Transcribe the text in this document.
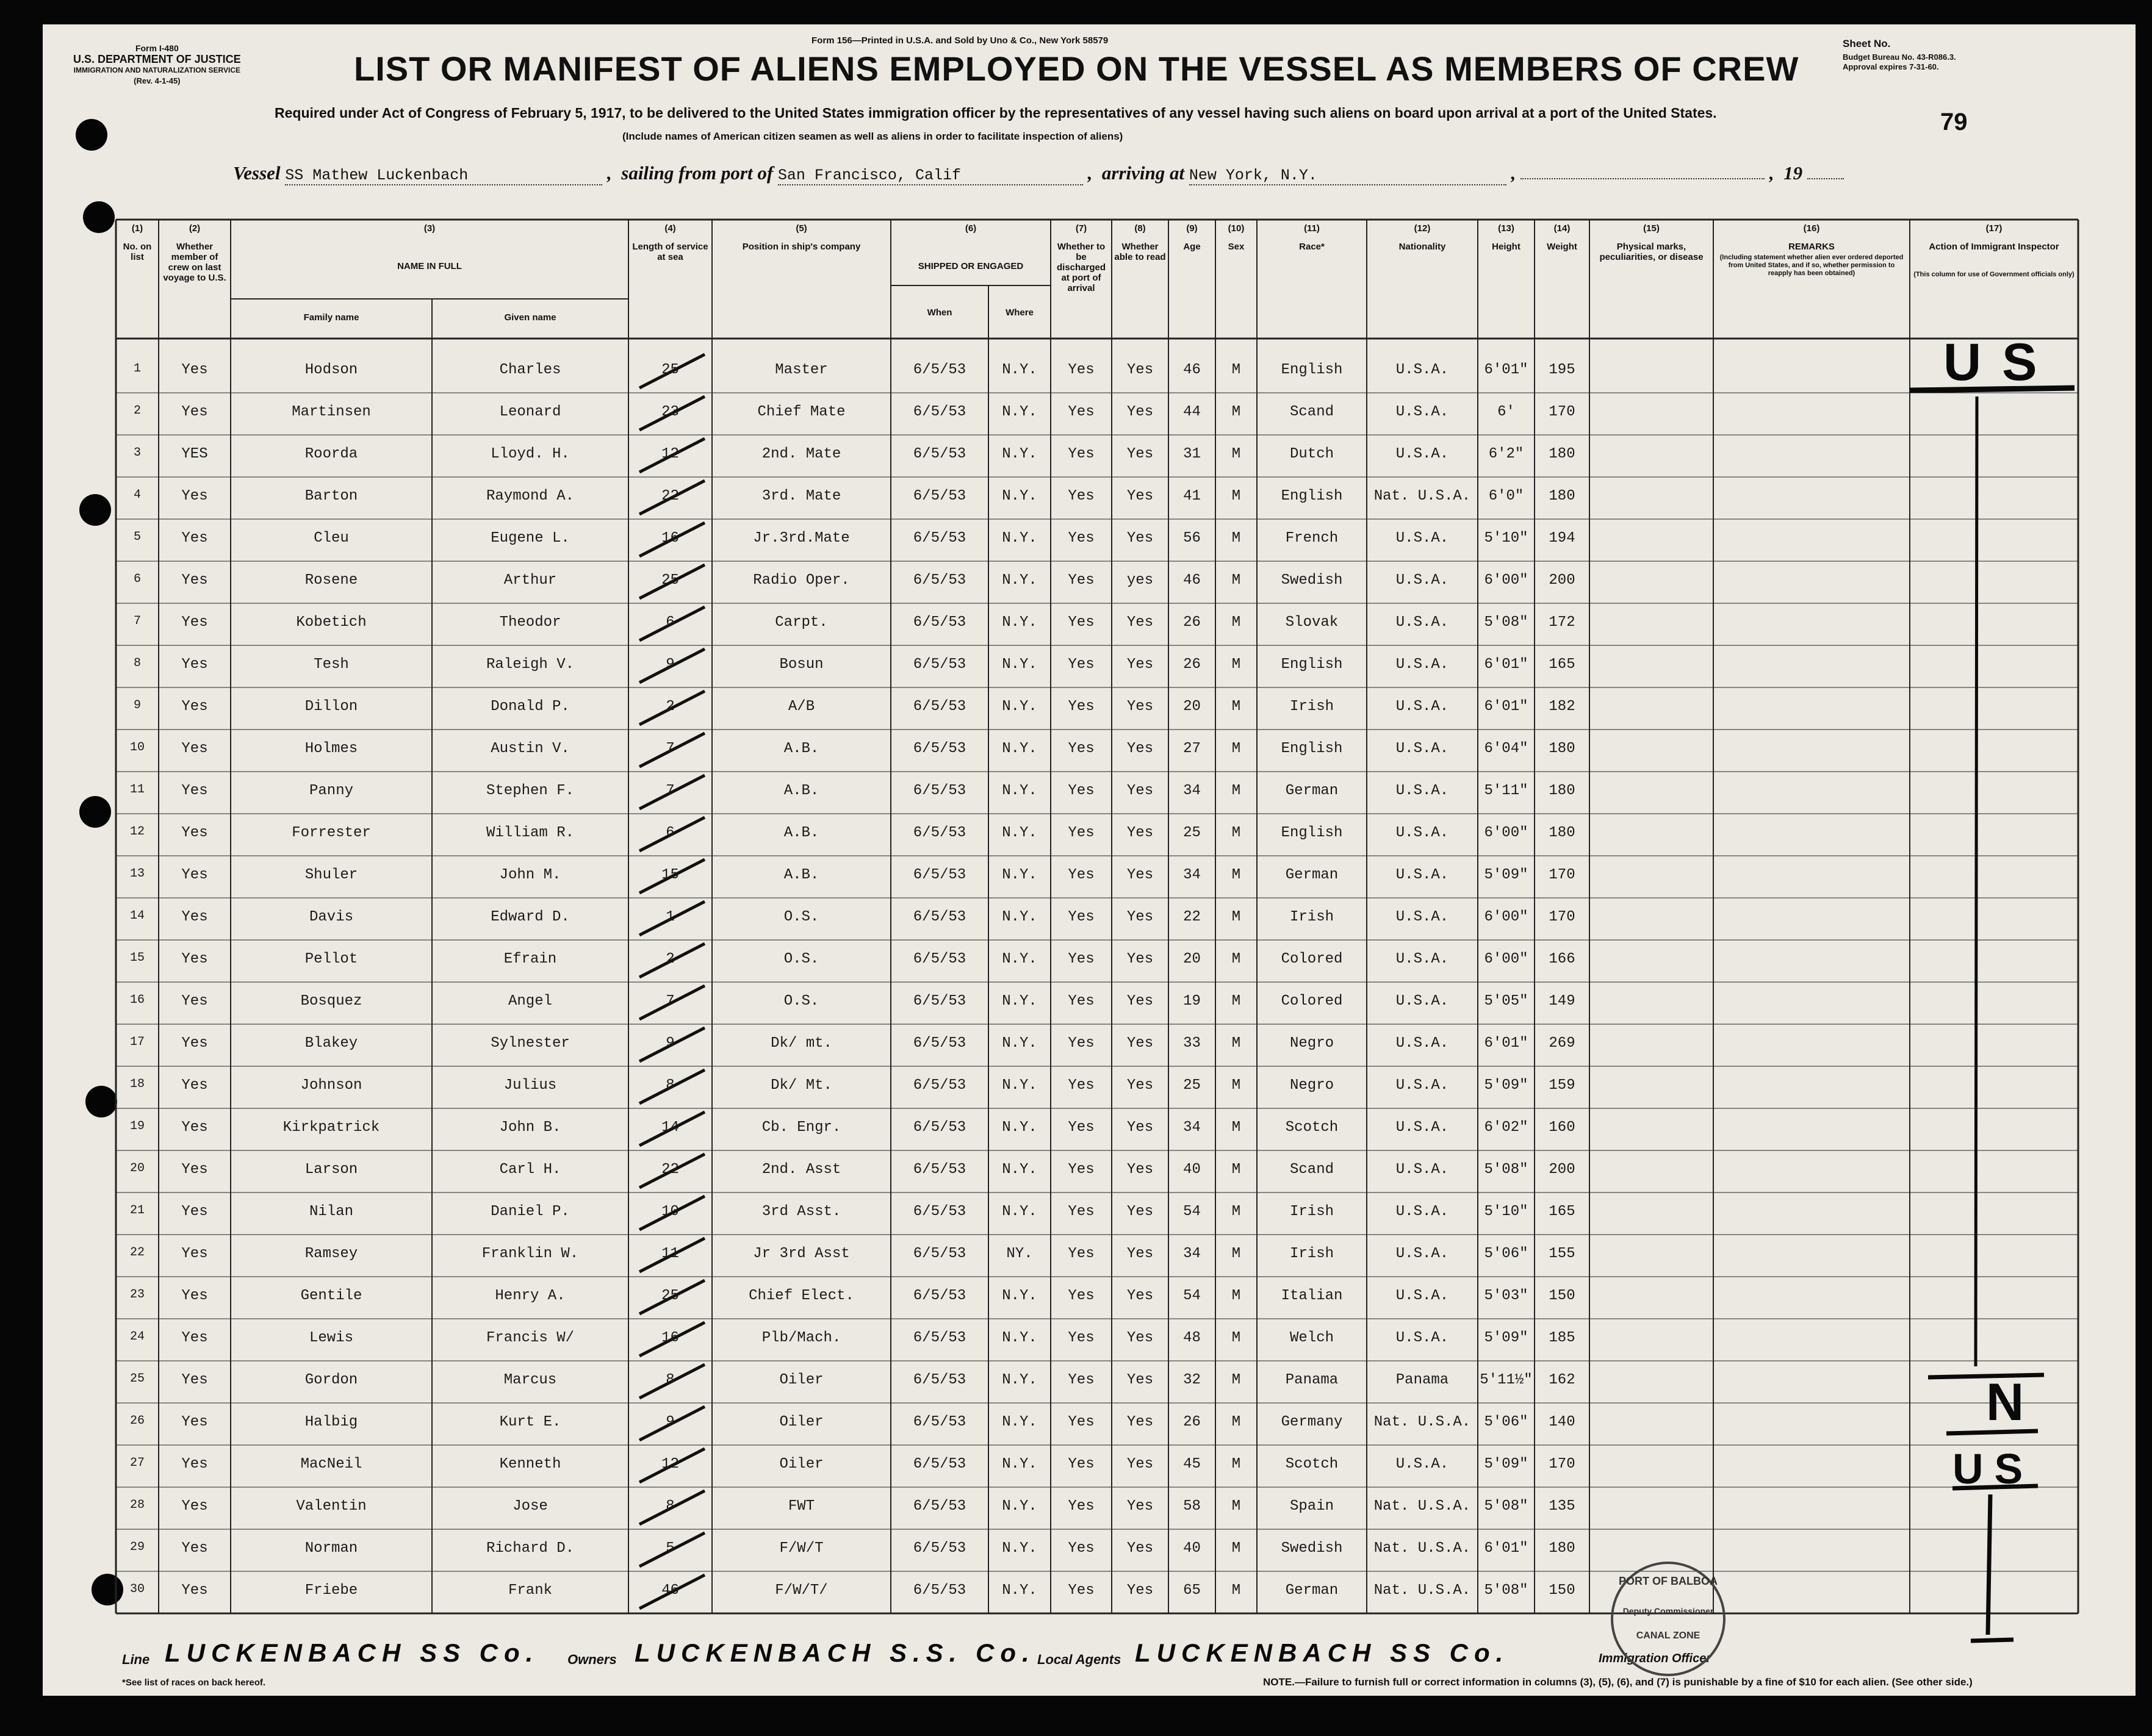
Form I-480
U.S. DEPARTMENT OF JUSTICE
IMMIGRATION AND NATURALIZATION SERVICE
(Rev. 4-1-45)
Form 156—Printed in U.S.A. and Sold by Uno & Co., New York 58579
LIST OR MANIFEST OF ALIENS EMPLOYED ON THE VESSEL AS MEMBERS OF CREW
Sheet No.
Budget Bureau No. 43-R086.3.
Approval expires 7-31-60.
79
Required under Act of Congress of February 5, 1917, to be delivered to the United States immigration officer by the representatives of any vessel having such aliens on board upon arrival at a port of the United States.
(Include names of American citizen seamen as well as aliens in order to facilitate inspection of aliens)
Vessel SS Mathew Luckenbach	,  sailing from port of San Francisco, Calif	,  arriving at New York, N.Y.	,	,  19
(1)
No. on list
(2)
Whether member of crew on last voyage to U.S.
(3)
NAME IN FULL
(4)
Length of service at sea
(5)
Position in ship's company
(6)
SHIPPED OR ENGAGED
(7)
Whether to be discharged at port of arrival
(8)
Whether able to read
(9)
Age
(10)
Sex
(11)
Race*
(12)
Nationality
(13)
Height
(14)
Weight
(15)
Physical marks, peculiarities, or disease
(16)
REMARKS
(17)
Action of Immigrant Inspector
Family name	Given name	When	Where
(Including statement whether alien ever ordered deported from United States, and if so, whether permission to reapply has been obtained)	(This column for use of Government officials only)
1	Yes	Hodson	Charles	25	Master	6/5/53	N.Y.	Yes	Yes	46	M	English	U.S.A.	6'01"	195
2	Yes	Martinsen	Leonard	23	Chief Mate	6/5/53	N.Y.	Yes	Yes	44	M	Scand	U.S.A.	6'	170
3	YES	Roorda	Lloyd. H.	12	2nd. Mate	6/5/53	N.Y.	Yes	Yes	31	M	Dutch	U.S.A.	6'2"	180
4	Yes	Barton	Raymond A.	22	3rd. Mate	6/5/53	N.Y.	Yes	Yes	41	M	English	Nat. U.S.A.	6'0"	180
5	Yes	Cleu	Eugene L.	16	Jr.3rd.Mate	6/5/53	N.Y.	Yes	Yes	56	M	French	U.S.A.	5'10"	194
6	Yes	Rosene	Arthur	25	Radio Oper.	6/5/53	N.Y.	Yes	yes	46	M	Swedish	U.S.A.	6'00"	200
7	Yes	Kobetich	Theodor	6	Carpt.	6/5/53	N.Y.	Yes	Yes	26	M	Slovak	U.S.A.	5'08"	172
8	Yes	Tesh	Raleigh V.	9	Bosun	6/5/53	N.Y.	Yes	Yes	26	M	English	U.S.A.	6'01"	165
9	Yes	Dillon	Donald P.	2	A/B	6/5/53	N.Y.	Yes	Yes	20	M	Irish	U.S.A.	6'01"	182
10	Yes	Holmes	Austin V.	7	A.B.	6/5/53	N.Y.	Yes	Yes	27	M	English	U.S.A.	6'04"	180
11	Yes	Panny	Stephen F.	7	A.B.	6/5/53	N.Y.	Yes	Yes	34	M	German	U.S.A.	5'11"	180
12	Yes	Forrester	William R.	6	A.B.	6/5/53	N.Y.	Yes	Yes	25	M	English	U.S.A.	6'00"	180
13	Yes	Shuler	John M.	15	A.B.	6/5/53	N.Y.	Yes	Yes	34	M	German	U.S.A.	5'09"	170
14	Yes	Davis	Edward D.	1	O.S.	6/5/53	N.Y.	Yes	Yes	22	M	Irish	U.S.A.	6'00"	170
15	Yes	Pellot	Efrain	2	O.S.	6/5/53	N.Y.	Yes	Yes	20	M	Colored	U.S.A.	6'00"	166
16	Yes	Bosquez	Angel	7	O.S.	6/5/53	N.Y.	Yes	Yes	19	M	Colored	U.S.A.	5'05"	149
17	Yes	Blakey	Sylnester	9	Dk/ mt.	6/5/53	N.Y.	Yes	Yes	33	M	Negro	U.S.A.	6'01"	269
18	Yes	Johnson	Julius	8	Dk/ Mt.	6/5/53	N.Y.	Yes	Yes	25	M	Negro	U.S.A.	5'09"	159
19	Yes	Kirkpatrick	John B.	14	Cb. Engr.	6/5/53	N.Y.	Yes	Yes	34	M	Scotch	U.S.A.	6'02"	160
20	Yes	Larson	Carl H.	22	2nd. Asst	6/5/53	N.Y.	Yes	Yes	40	M	Scand	U.S.A.	5'08"	200
21	Yes	Nilan	Daniel P.	10	3rd Asst.	6/5/53	N.Y.	Yes	Yes	54	M	Irish	U.S.A.	5'10"	165
22	Yes	Ramsey	Franklin W.	11	Jr 3rd Asst	6/5/53	NY.	Yes	Yes	34	M	Irish	U.S.A.	5'06"	155
23	Yes	Gentile	Henry A.	25	Chief Elect.	6/5/53	N.Y.	Yes	Yes	54	M	Italian	U.S.A.	5'03"	150
24	Yes	Lewis	Francis W/	16	Plb/Mach.	6/5/53	N.Y.	Yes	Yes	48	M	Welch	U.S.A.	5'09"	185
25	Yes	Gordon	Marcus	8	Oiler	6/5/53	N.Y.	Yes	Yes	32	M	Panama	Panama	5'11½"	162
26	Yes	Halbig	Kurt E.	9	Oiler	6/5/53	N.Y.	Yes	Yes	26	M	Germany	Nat. U.S.A. 5'06"	140
27	Yes	MacNeil	Kenneth	12	Oiler	6/5/53	N.Y.	Yes	Yes	45	M	Scotch	U.S.A.	5'09"	170
28	Yes	Valentin	Jose	8	FWT	6/5/53	N.Y.	Yes	Yes	58	M	Spain	Nat. U.S.A. 5'08"	135
29	Yes	Norman	Richard D.	5	F/W/T	6/5/53	N.Y.	Yes	Yes	40	M	Swedish	Nat. U.S.A. 6'01"	180
30	Yes	Friebe	Frank	46	F/W/T/	6/5/53	N.Y.	Yes	Yes	65	M	German	Nat. U.S.A. 5'08"	150
Line LUCKENBACH SS Co. Owners LUCKENBACH S.S. Co. Local Agents LUCKENBACH SS Co.	Immigration Officer
*See list of races on back hereof.	NOTE.—Failure to furnish full or correct information in columns (3), (5), (6), and (7) is punishable by a fine of $10 for each alien. (See other side.)
US
N
US
PORT OF BALBOA
Deputy Commissioner
CANAL ZONE
